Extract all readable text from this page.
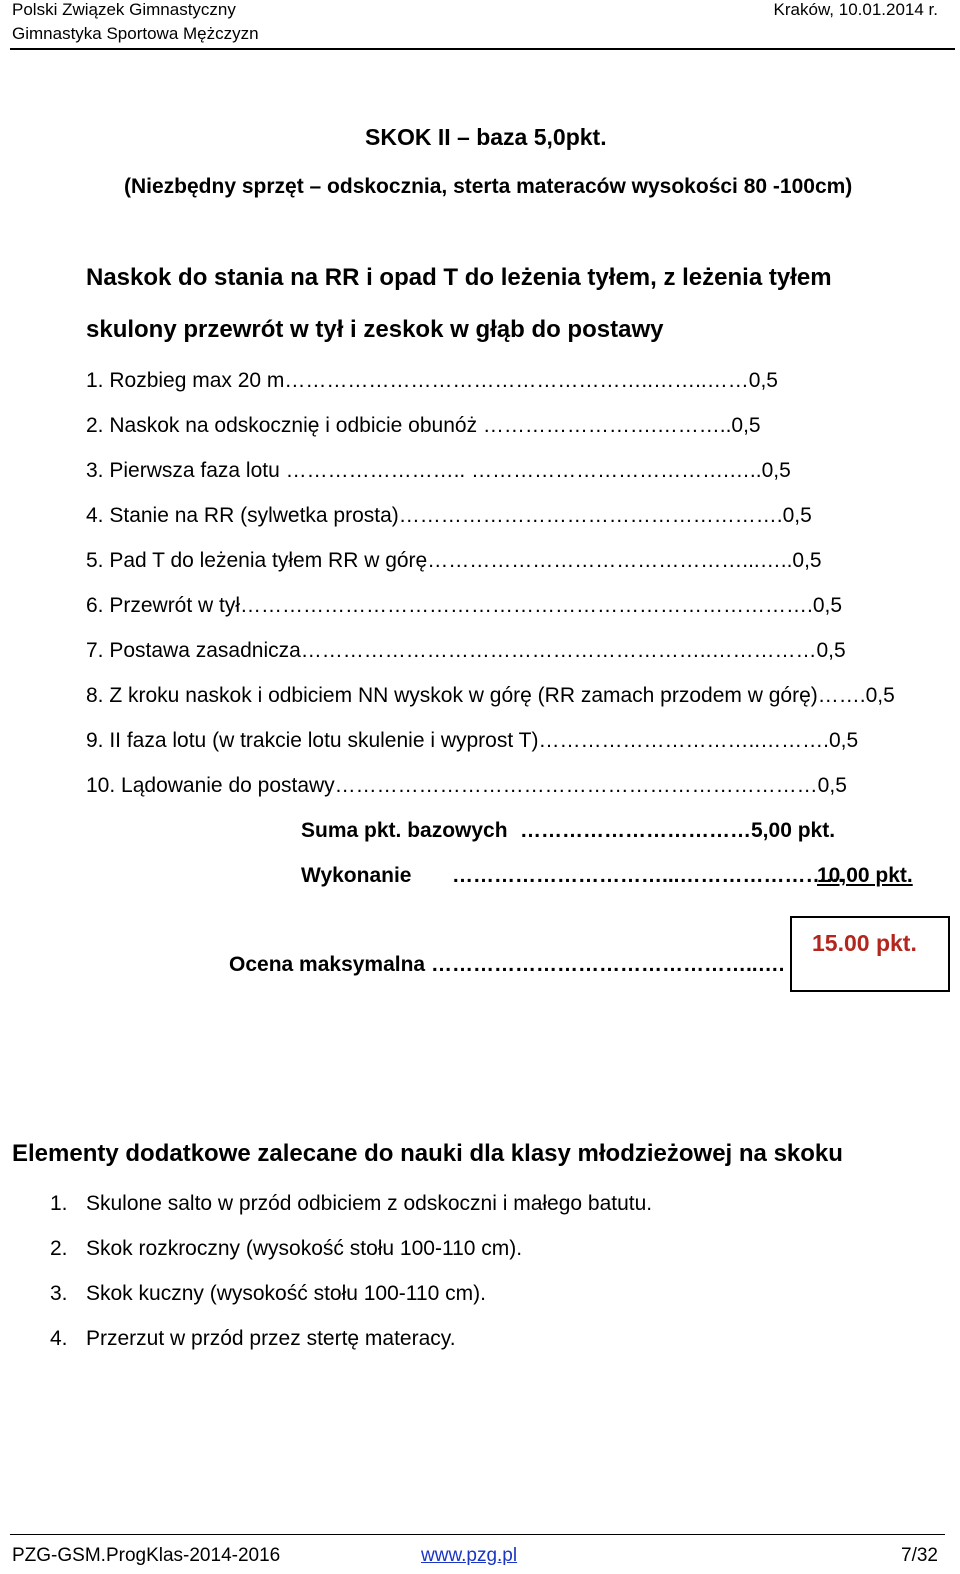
Polski Związek Gimnastyczny
Gimnastyka Sportowa Mężczyzn
Kraków, 10.01.2014 r.
SKOK II – baza 5,0pkt.
(Niezbędny sprzęt – odskocznia, sterta materaców wysokości 80 -100cm)
Naskok do stania na RR i opad T do leżenia tyłem, z leżenia tyłem
skulony przewrót w tył i zeskok w głąb do postawy
1. Rozbieg max 20 m……………………………………………..……..……0,5
2. Naskok na odskocznię i odbicie obunóż …………………….………..0,5
3. Pierwsza faza lotu …………………….. ……………………………….…..0,5
4. Stanie na RR (sylwetka prosta)……………………………………………….0,5
5. Pad T do leżenia tyłem RR w górę………………………………………...…..0,5
6. Przewrót w tył……………………………………………………………………….0,5
7. Postawa zasadnicza…………………………………………………..……………0,5
8. Z kroku naskok i odbiciem NN wyskok w górę (RR zamach przodem w górę)…….0,5
9. II faza lotu (w trakcie lotu skulenie i wyprost T)…………………………..……….0,5
10. Lądowanie do postawy……………………………………………………………0,5
Suma pkt. bazowych ……………………………5,00 pkt.
Wykonanie …………………………...…………………...
10,00 pkt.
Ocena maksymalna ………………………………………..….
15.00 pkt.
Elementy dodatkowe zalecane do nauki dla klasy młodzieżowej na skoku
1. Skulone salto w przód odbiciem z odskoczni i małego batutu.
2. Skok rozkroczny (wysokość stołu 100-110 cm).
3. Skok kuczny (wysokość stołu 100-110 cm).
4. Przerzut w przód przez stertę materacy.
PZG-GSM.ProgKlas-2014-2016	www.pzg.pl	7/32
